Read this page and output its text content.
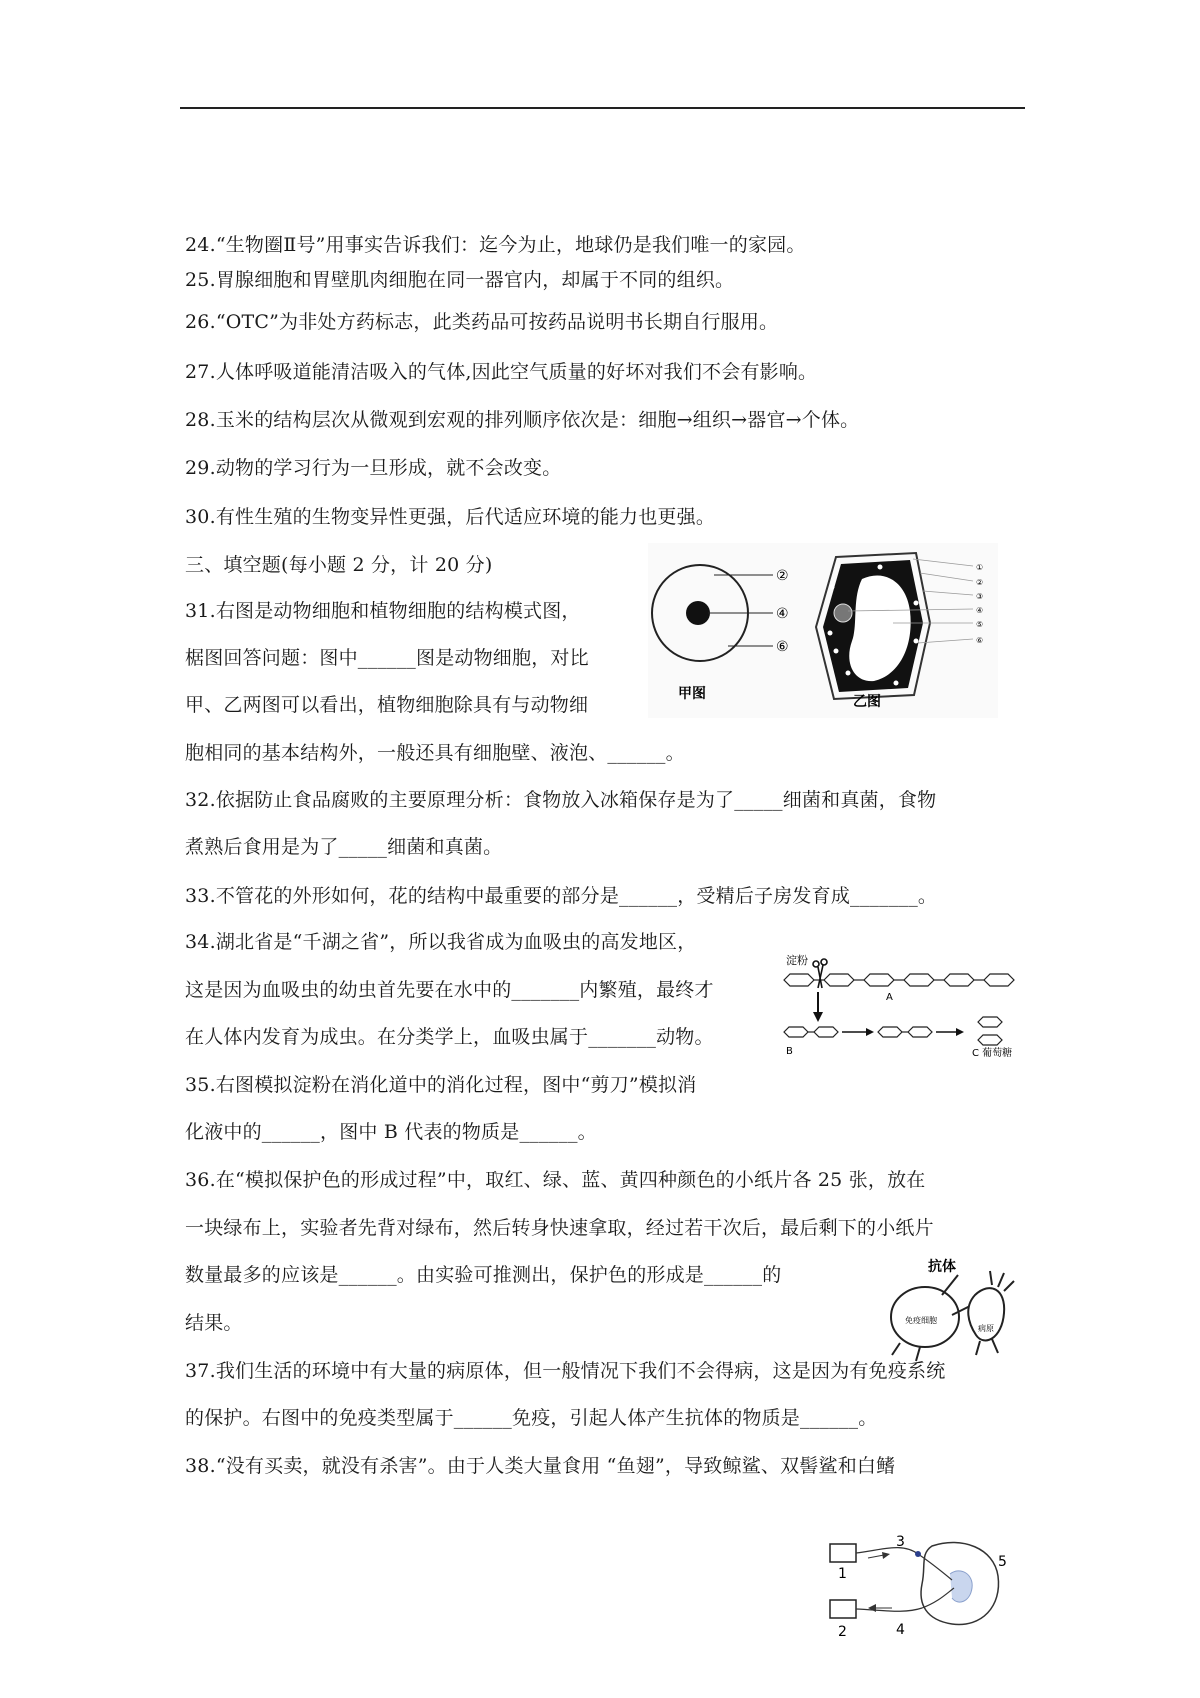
24.“生物圈Ⅱ号”用事实告诉我们：迄今为止，地球仍是我们唯一的家园。
25.胃腺细胞和胃壁肌肉细胞在同一器官内，却属于不同的组织。
26.“OTC”为非处方药标志，此类药品可按药品说明书长期自行服用。
27.人体呼吸道能清洁吸入的气体,因此空气质量的好坏对我们不会有影响。
28.玉米的结构层次从微观到宏观的排列顺序依次是：细胞→组织→器官→个体。
29.动物的学习行为一旦形成，就不会改变。
30.有性生殖的生物变异性更强，后代适应环境的能力也更强。
三、填空题(每小题 2 分，计 20 分)
31.右图是动物细胞和植物细胞的结构模式图，
椐图回答问题：图中______图是动物细胞，对比
甲、乙两图可以看出，植物细胞除具有与动物细
胞相同的基本结构外，一般还具有细胞壁、液泡、______。
32.依据防止食品腐败的主要原理分析：食物放入冰箱保存是为了_____细菌和真菌，食物
煮熟后食用是为了_____细菌和真菌。
33.不管花的外形如何，花的结构中最重要的部分是______，受精后子房发育成_______。
34.湖北省是“千湖之省”，所以我省成为血吸虫的高发地区，
这是因为血吸虫的幼虫首先要在水中的_______内繁殖，最终才
在人体内发育为成虫。在分类学上，血吸虫属于_______动物。
35.右图模拟淀粉在消化道中的消化过程，图中“剪刀”模拟消
化液中的______，图中 B 代表的物质是______。
36.在“模拟保护色的形成过程”中，取红、绿、蓝、黄四种颜色的小纸片各 25 张，放在
一块绿布上，实验者先背对绿布，然后转身快速拿取，经过若干次后，最后剩下的小纸片
数量最多的应该是______。由实验可推测出，保护色的形成是______的
结果。
37.我们生活的环境中有大量的病原体，但一般情况下我们不会得病，这是因为有免疫系统
的保护。右图中的免疫类型属于______免疫，引起人体产生抗体的物质是______。
38.“没有买卖，就没有杀害”。由于人类大量食用 “鱼翅”，导致鲸鲨、双髻鲨和白鳍
②
④
⑥
甲图
①
②
③
④
⑤
⑥
乙图
淀粉
A
B	C 葡萄糖
抗体
免疫细胞
病原
1
2
3
4
5
